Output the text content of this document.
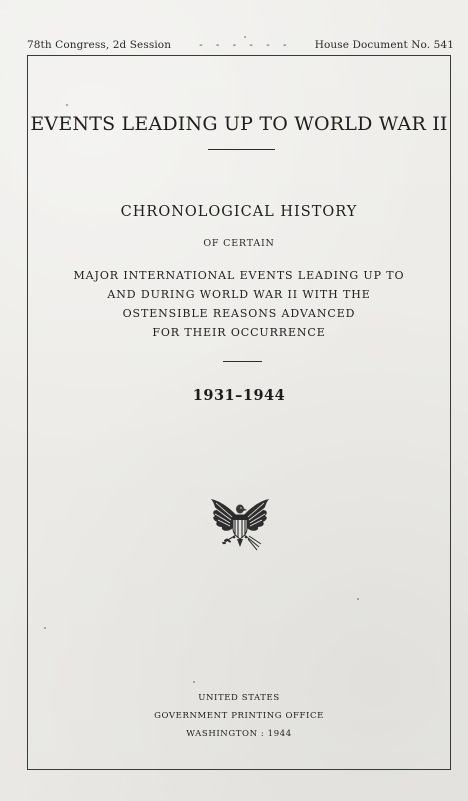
78th Congress, 2d Session	- - - - - -	House Document No. 541
EVENTS LEADING UP TO WORLD WAR II
CHRONOLOGICAL HISTORY
OF CERTAIN
MAJOR INTERNATIONAL EVENTS LEADING UP TO
AND DURING WORLD WAR II WITH THE
OSTENSIBLE REASONS ADVANCED
FOR THEIR OCCURRENCE
1931–1944
UNITED STATES
GOVERNMENT PRINTING OFFICE
WASHINGTON : 1944
